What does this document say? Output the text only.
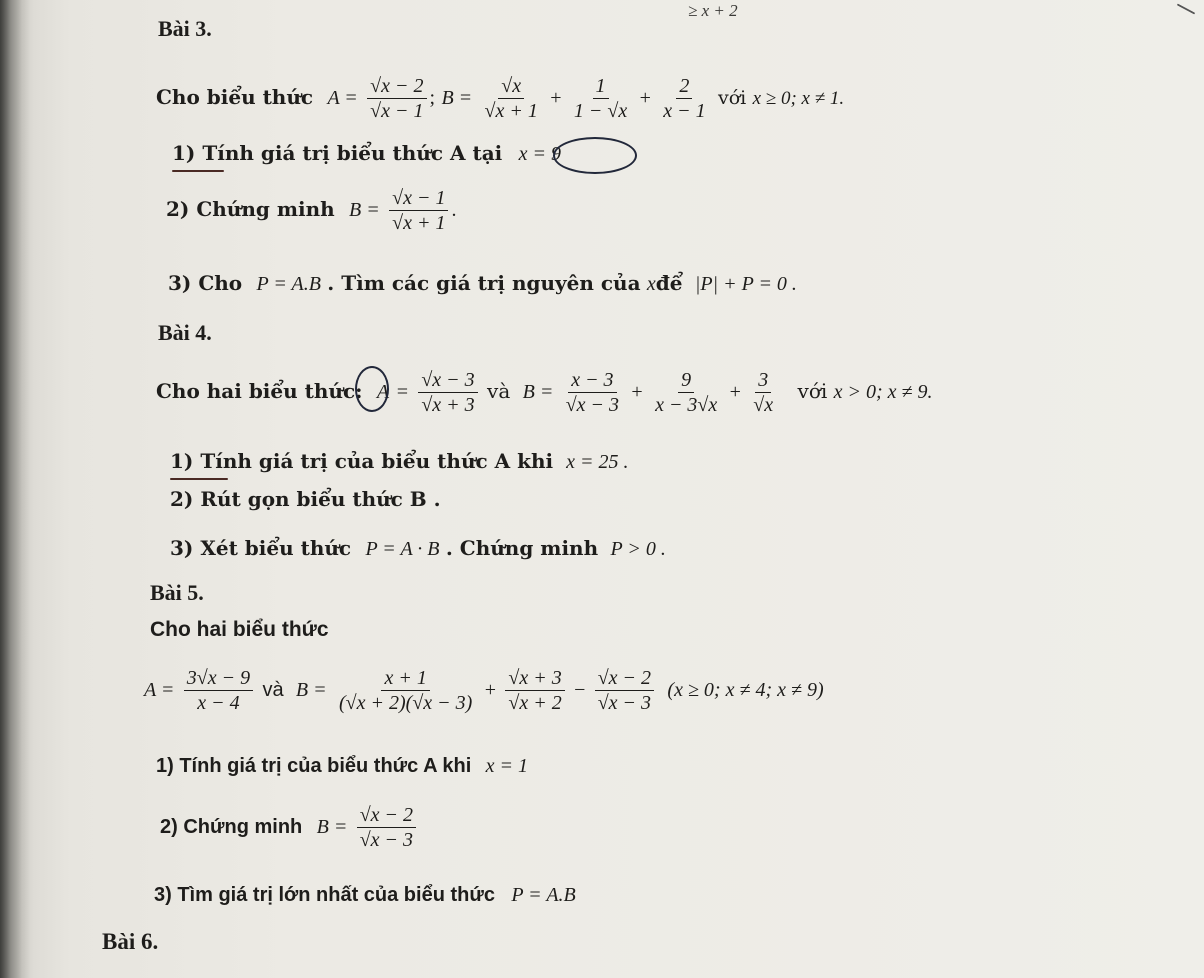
≥ x + 2
Bài 3.
Cho biểu thức $A = \frac{√x - 2}{√x - 1}$ ; $B = \frac{√x}{√x + 1} + \frac{1}{1 - √x} + \frac{2}{x - 1}$ với x ≥ 0; x ≠ 1.
1) Tính giá trị biểu thức A tại x = 9
2) Chứng minh $B = \frac{√x - 1}{√x + 1}$ .
3) Cho P = A.B . Tìm các giá trị nguyên của xđể |P| + P = 0 .
Bài 4.
Cho hai biểu thức: $A = \frac{√x - 3}{√x + 3}$ và $B = \frac{x - 3}{√x - 3} + \frac{9}{x - 3√x} + \frac{3}{√x}$ với x > 0; x ≠ 9.
1) Tính giá trị của biểu thức A khi x = 25 .
2) Rút gọn biểu thức B .
3) Xét biểu thức P = A · B . Chứng minh P > 0 .
Bài 5.
Cho hai biểu thức
$A = \frac{3√x - 9}{x - 4}$ và $B = \frac{x + 1}{(√x + 2)(√x - 3)} + \frac{√x + 3}{√x + 2} - \frac{√x - 2}{√x - 3} (x \ge 0$; x ≠ 4; x ≠ 9)
1) Tính giá trị của biểu thức A khi x = 1
2) Chứng minh $B = \frac{√x - 2}{√x - 3}$
3) Tìm giá trị lớn nhất của biểu thức P = A.B
Bài 6.
